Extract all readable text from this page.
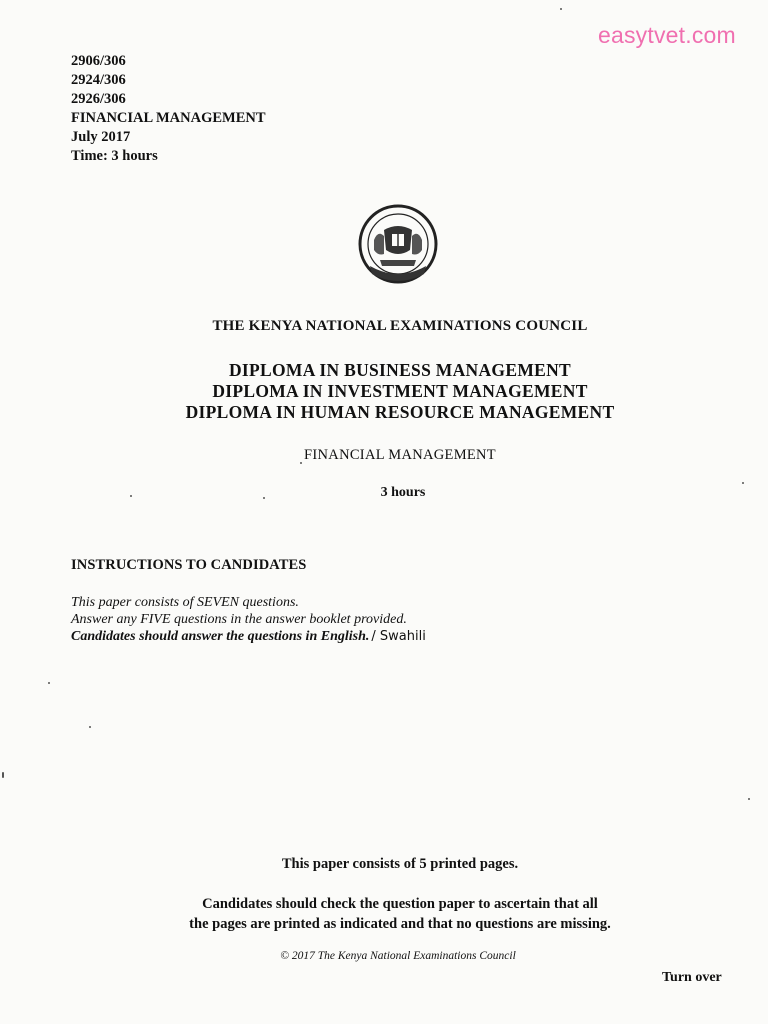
easytvet.com
2906/306
2924/306
2926/306
FINANCIAL MANAGEMENT
July 2017
Time: 3 hours
THE KENYA NATIONAL EXAMINATIONS COUNCIL
DIPLOMA IN BUSINESS MANAGEMENT
DIPLOMA IN INVESTMENT MANAGEMENT
DIPLOMA IN HUMAN RESOURCE MANAGEMENT
FINANCIAL MANAGEMENT
3 hours
INSTRUCTIONS TO CANDIDATES
This paper consists of SEVEN questions.
Answer any FIVE questions in the answer booklet provided.
Candidates should answer the questions in English. / Swahili
This paper consists of 5 printed pages.
Candidates should check the question paper to ascertain that all
the pages are printed as indicated and that no questions are missing.
© 2017 The Kenya National Examinations Council
Turn over
